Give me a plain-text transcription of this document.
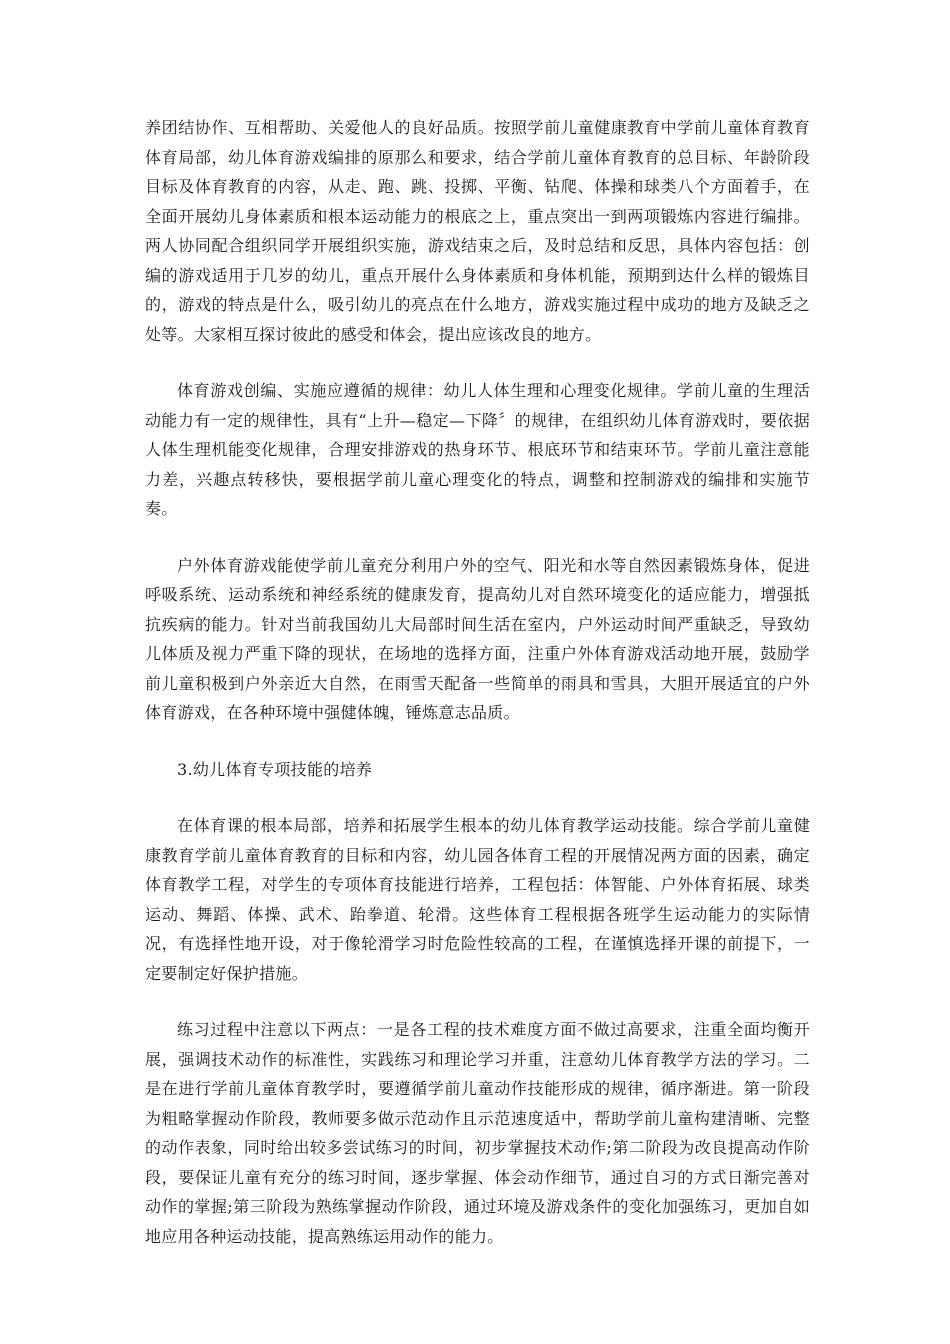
养团结协作、互相帮助、关爱他人的良好品质。按照学前儿童健康教育中学前儿童体育教育体育局部，幼儿体育游戏编排的原那么和要求，结合学前儿童体育教育的总目标、年龄阶段目标及体育教育的内容，从走、跑、跳、投掷、平衡、钻爬、体操和球类八个方面着手，在全面开展幼儿身体素质和根本运动能力的根底之上，重点突出一到两项锻炼内容进行编排。两人协同配合组织同学开展组织实施，游戏结束之后，及时总结和反思，具体内容包括：创编的游戏适用于几岁的幼儿，重点开展什么身体素质和身体机能，预期到达什么样的锻炼目的，游戏的特点是什么，吸引幼儿的亮点在什么地方，游戏实施过程中成功的地方及缺乏之处等。大家相互探讨彼此的感受和体会，提出应该改良的地方。

体育游戏创编、实施应遵循的规律：幼儿人体生理和心理变化规律。学前儿童的生理活动能力有一定的规律性，具有“上升—稳定—下降〞的规律，在组织幼儿体育游戏时，要依据人体生理机能变化规律，合理安排游戏的热身环节、根底环节和结束环节。学前儿童注意能力差，兴趣点转移快，要根据学前儿童心理变化的特点，调整和控制游戏的编排和实施节奏。

户外体育游戏能使学前儿童充分利用户外的空气、阳光和水等自然因素锻炼身体，促进呼吸系统、运动系统和神经系统的健康发育，提高幼儿对自然环境变化的适应能力，增强抵抗疾病的能力。针对当前我国幼儿大局部时间生活在室内，户外运动时间严重缺乏，导致幼儿体质及视力严重下降的现状，在场地的选择方面，注重户外体育游戏活动地开展，鼓励学前儿童积极到户外亲近大自然，在雨雪天配备一些简单的雨具和雪具，大胆开展适宜的户外体育游戏，在各种环境中强健体魄，锤炼意志品质。

3.幼儿体育专项技能的培养

在体育课的根本局部，培养和拓展学生根本的幼儿体育教学运动技能。综合学前儿童健康教育学前儿童体育教育的目标和内容，幼儿园各体育工程的开展情况两方面的因素，确定体育教学工程，对学生的专项体育技能进行培养，工程包括：体智能、户外体育拓展、球类运动、舞蹈、体操、武术、跆拳道、轮滑。这些体育工程根据各班学生运动能力的实际情况，有选择性地开设，对于像轮滑学习时危险性较高的工程，在谨慎选择开课的前提下，一定要制定好保护措施。

练习过程中注意以下两点：一是各工程的技术难度方面不做过高要求，注重全面均衡开展，强调技术动作的标准性，实践练习和理论学习并重，注意幼儿体育教学方法的学习。二是在进行学前儿童体育教学时，要遵循学前儿童动作技能形成的规律，循序渐进。第一阶段为粗略掌握动作阶段，教师要多做示范动作且示范速度适中，帮助学前儿童构建清晰、完整的动作表象，同时给出较多尝试练习的时间，初步掌握技术动作;第二阶段为改良提高动作阶段，要保证儿童有充分的练习时间，逐步掌握、体会动作细节，通过自习的方式日渐完善对动作的掌握;第三阶段为熟练掌握动作阶段，通过环境及游戏条件的变化加强练习，更加自如地应用各种运动技能，提高熟练运用动作的能力。
